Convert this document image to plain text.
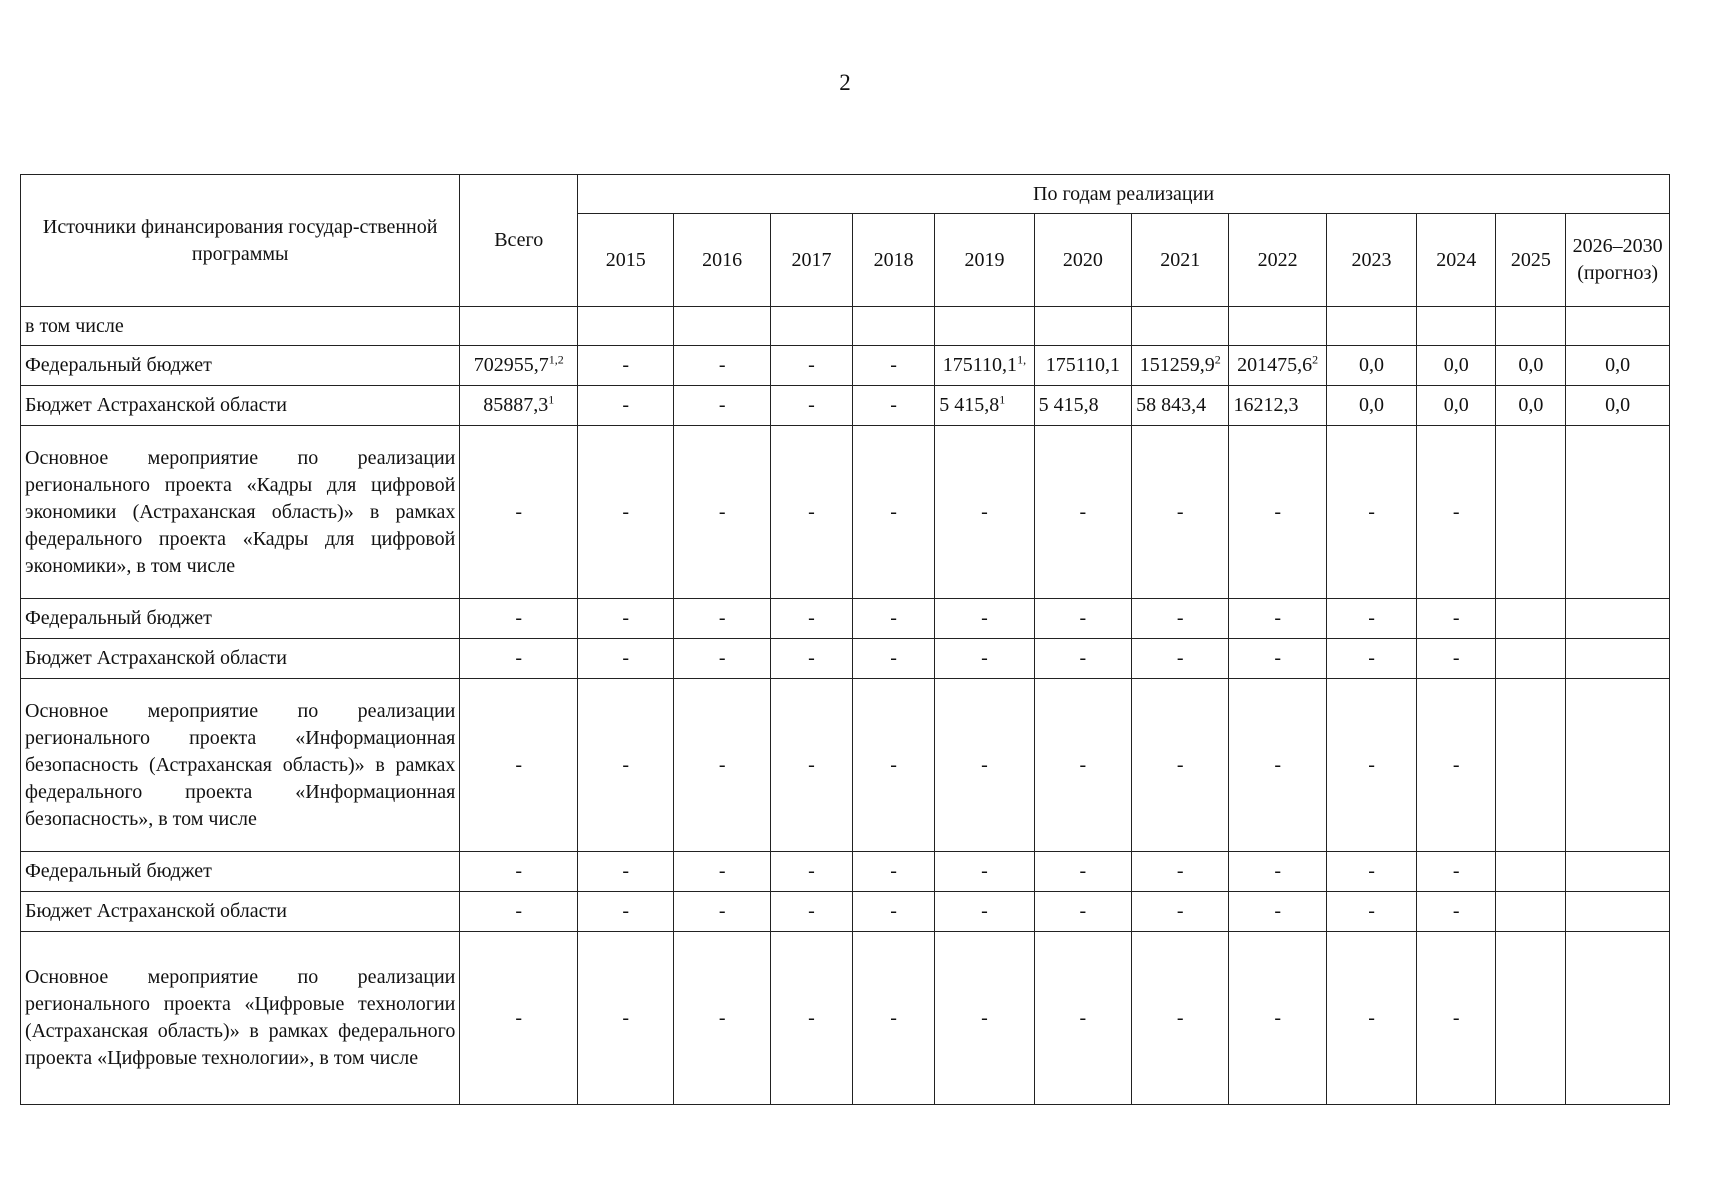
2
Источники финансирования государ-ственной программы	Всего	По годам реализации											
		2015	2016	2017	2018	2019	2020	2021	2022	2023	2024	2025	2026–2030 (прогноз)
в том числе													
Федеральный бюджет	702955,7$^{1,2}$	-	-	-	-	$175110,1^{1,}$	175110,1	151259,9$^2$	201475,6$^2$	0,0	0,0	0,0	0,0
Бюджет Астраханской области	85887,3$^1$	-	-	-	-	5 415,8$^1$	5 415,8	58 843,4	16212,3	0,0	0,0	0,0	0,0
Основное мероприятие по реализации регионального проекта «Кадры для цифровой экономики (Астраханская область)» в рамках федерального проекта «Кадры для цифровой экономики», в том числе	-	-	-	-	-	-	-	-	-	-	-		
Федеральный бюджет	-	-	-	-	-	-	-	-	-	-	-		
Бюджет Астраханской области	-	-	-	-	-	-	-	-	-	-	-		
Основное мероприятие по реализации регионального проекта «Информационная безопасность (Астраханская область)» в рамках федерального проекта «Информационная безопасность», в том числе	-	-	-	-	-	-	-	-	-	-	-		
Федеральный бюджет	-	-	-	-	-	-	-	-	-	-	-		
Бюджет Астраханской области	-	-	-	-	-	-	-	-	-	-	-		
Основное мероприятие по реализации регионального проекта «Цифровые технологии (Астраханская область)» в рамках федерального проекта «Цифровые технологии», в том числе	-	-	-	-	-	-	-	-	-	-	-		
